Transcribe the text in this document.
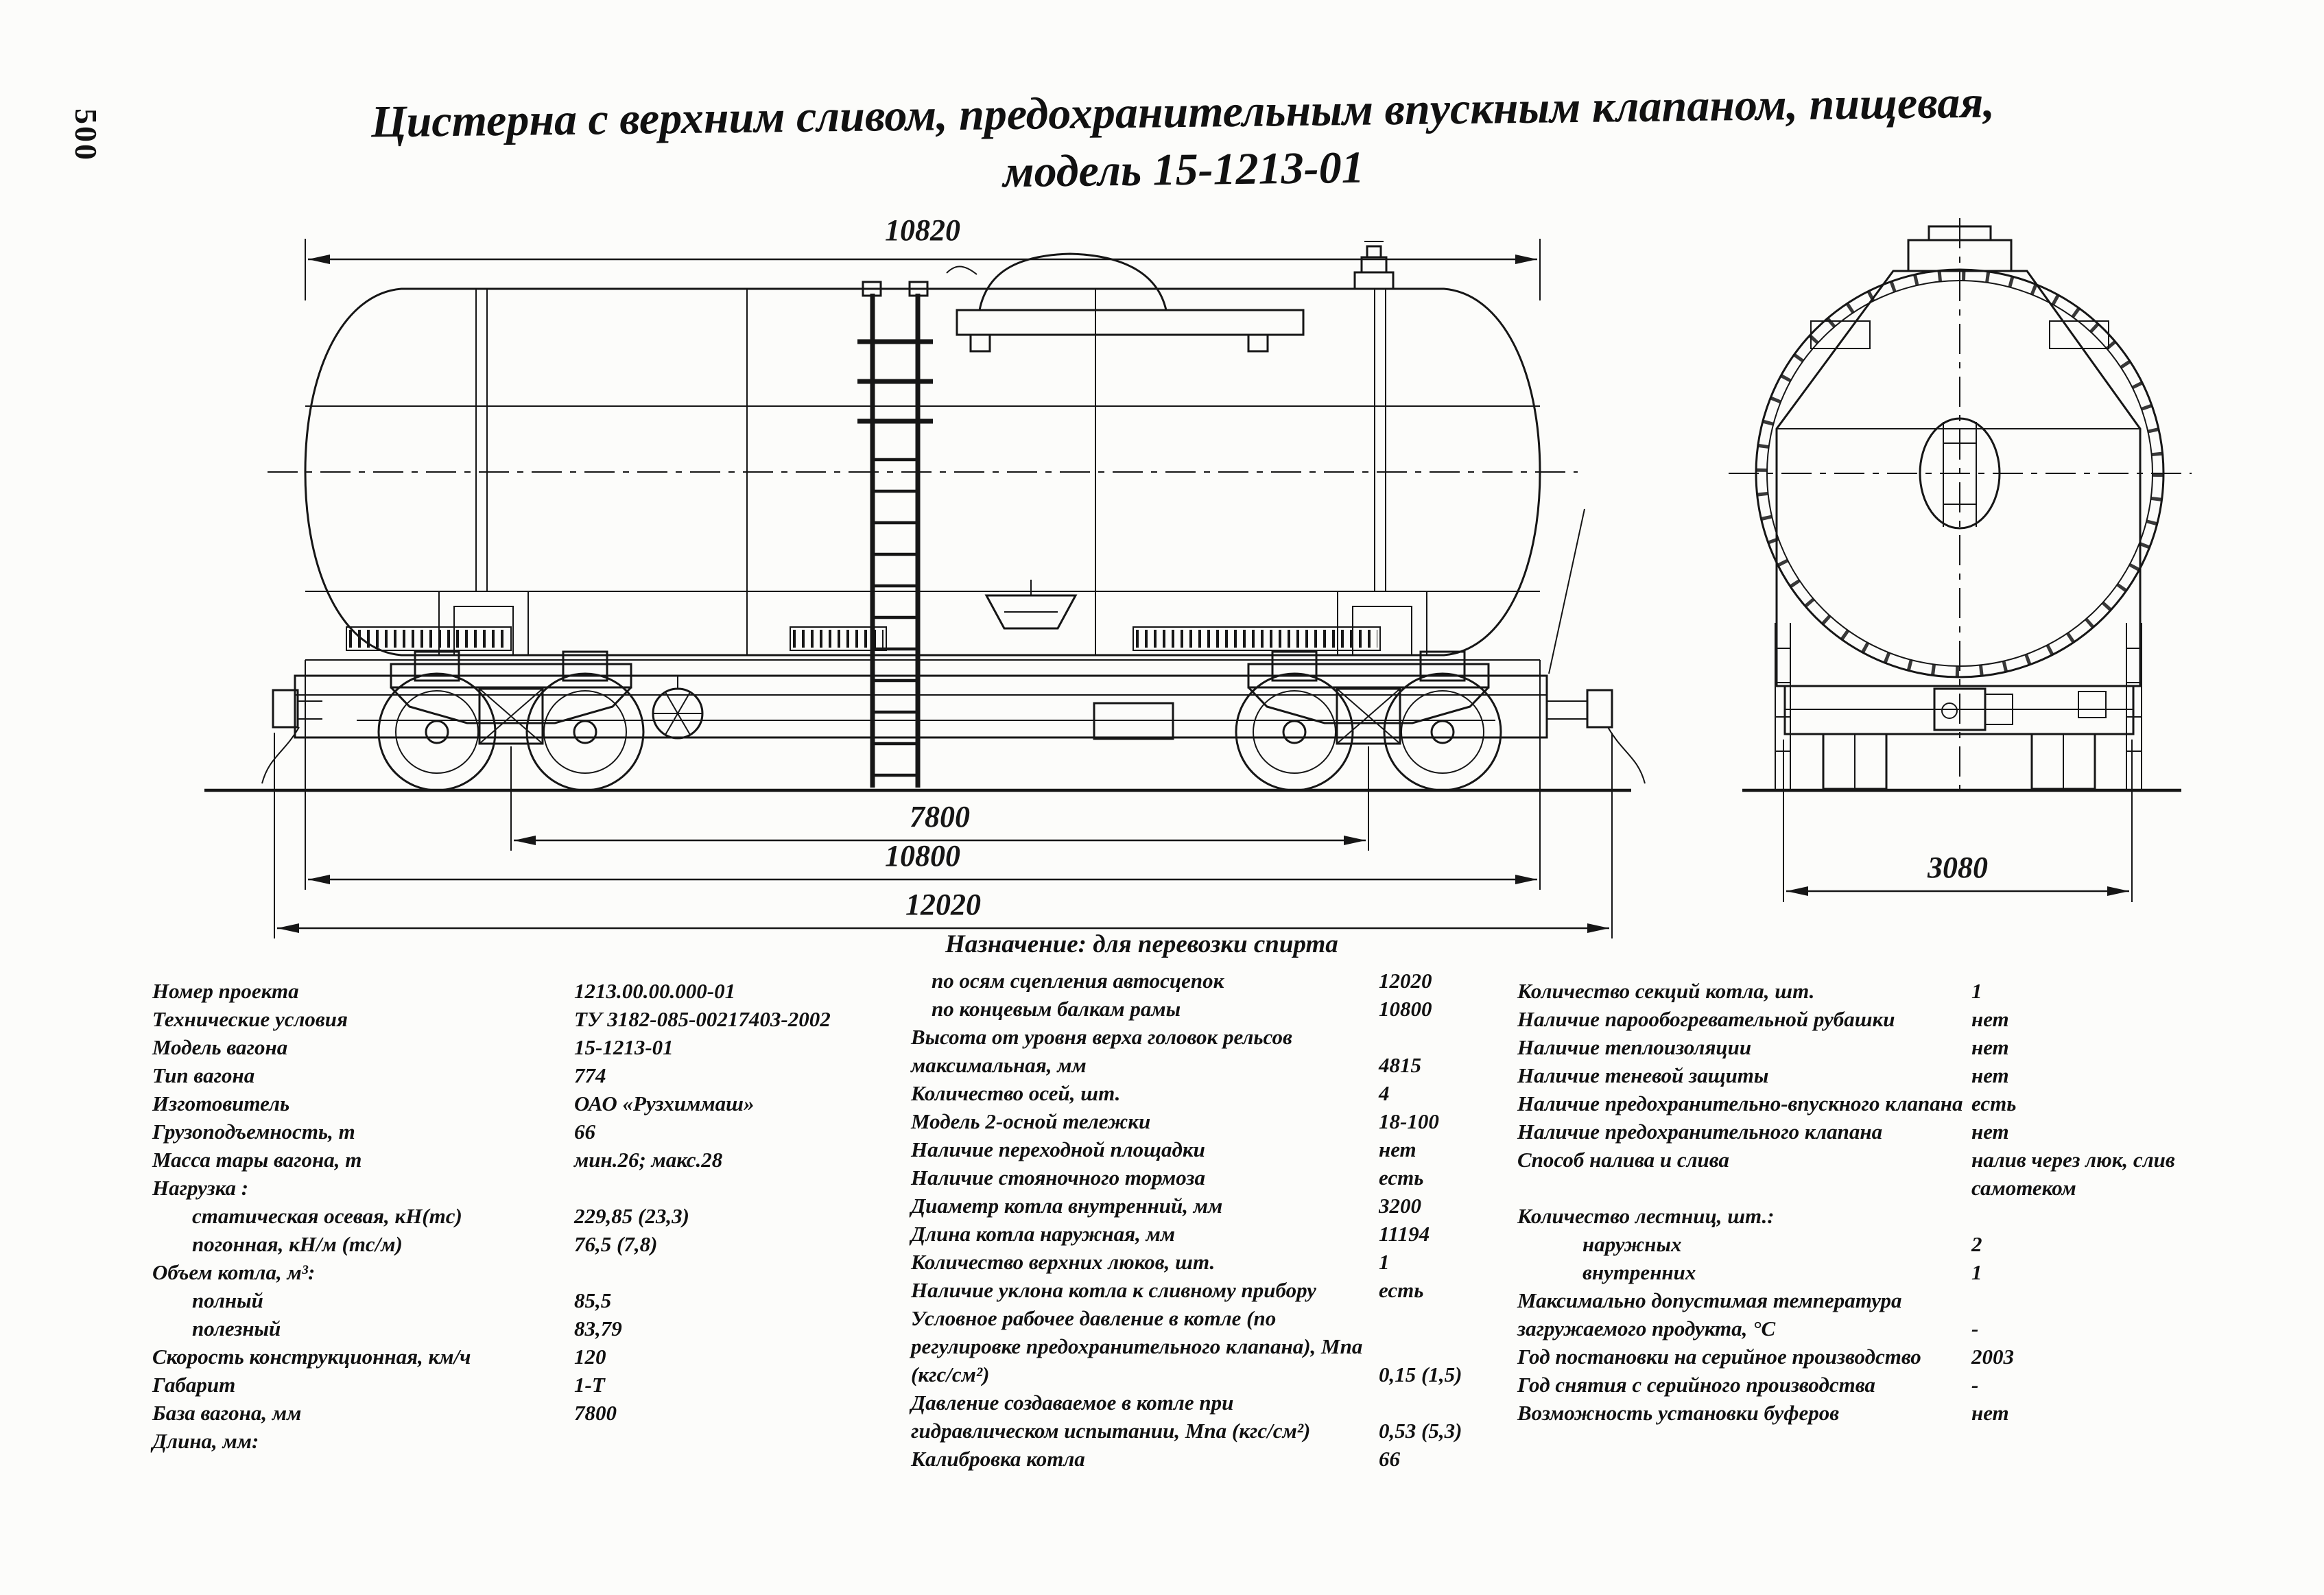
500	Цистерна с верхним сливом, предохранительным впускным клапаном, пищевая,
модель 15-1213-01
10820
7800
10800
12020
3080
Номер проекта	1213.00.00.000-01
Технические условия	ТУ 3182-085-00217403-2002
Модель вагона	15-1213-01
Тип вагона	774
Изготовитель	ОАО «Рузхиммаш»
Грузоподъемность, т	66
Масса тары вагона, т	мин.26; макс.28
Нагрузка :
статическая осевая, кН(тс)	229,85 (23,3)
погонная, кН/м (тс/м)	76,5 (7,8)
Объем котла, м³:
полный	85,5
полезный	83,79
Скорость конструкционная, км/ч	120
Габарит	1-Т
База вагона, мм	7800
Длина, мм:
Назначение: для перевозки спирта
по осям сцепления автосцепок	12020
по концевым балкам рамы	10800
Высота от уровня верха головок рельсов максимальная, мм	4815
Количество осей, шт.	4
Модель 2-осной тележки	18-100
Наличие переходной площадки	нет
Наличие стояночного тормоза	есть
Диаметр котла внутренний, мм	3200
Длина котла наружная, мм	11194
Количество верхних люков, шт.	1
Наличие уклона котла к сливному прибору	есть
Условное рабочее давление в котле (по регулировке предохранительного клапана), Мпа (кгс/см²)	0,15 (1,5)
Давление создаваемое в котле при гидравлическом испытании, Мпа (кгс/см²)	0,53 (5,3)
Калибровка котла	66
Количество секций котла, шт.	1
Наличие парообогревательной рубашки	нет
Наличие теплоизоляции	нет
Наличие теневой защиты	нет
Наличие предохранительно-впускного клапана есть
Наличие предохранительного клапана	нет
Способ налива и слива	налив через люк, слив самотеком
Количество лестниц, шт.:
наружных	2
внутренних	1
Максимально допустимая температура загружаемого продукта, °С	-
Год постановки на серийное производство	2003
Год снятия с серийного производства	-
Возможность установки буферов	нет
